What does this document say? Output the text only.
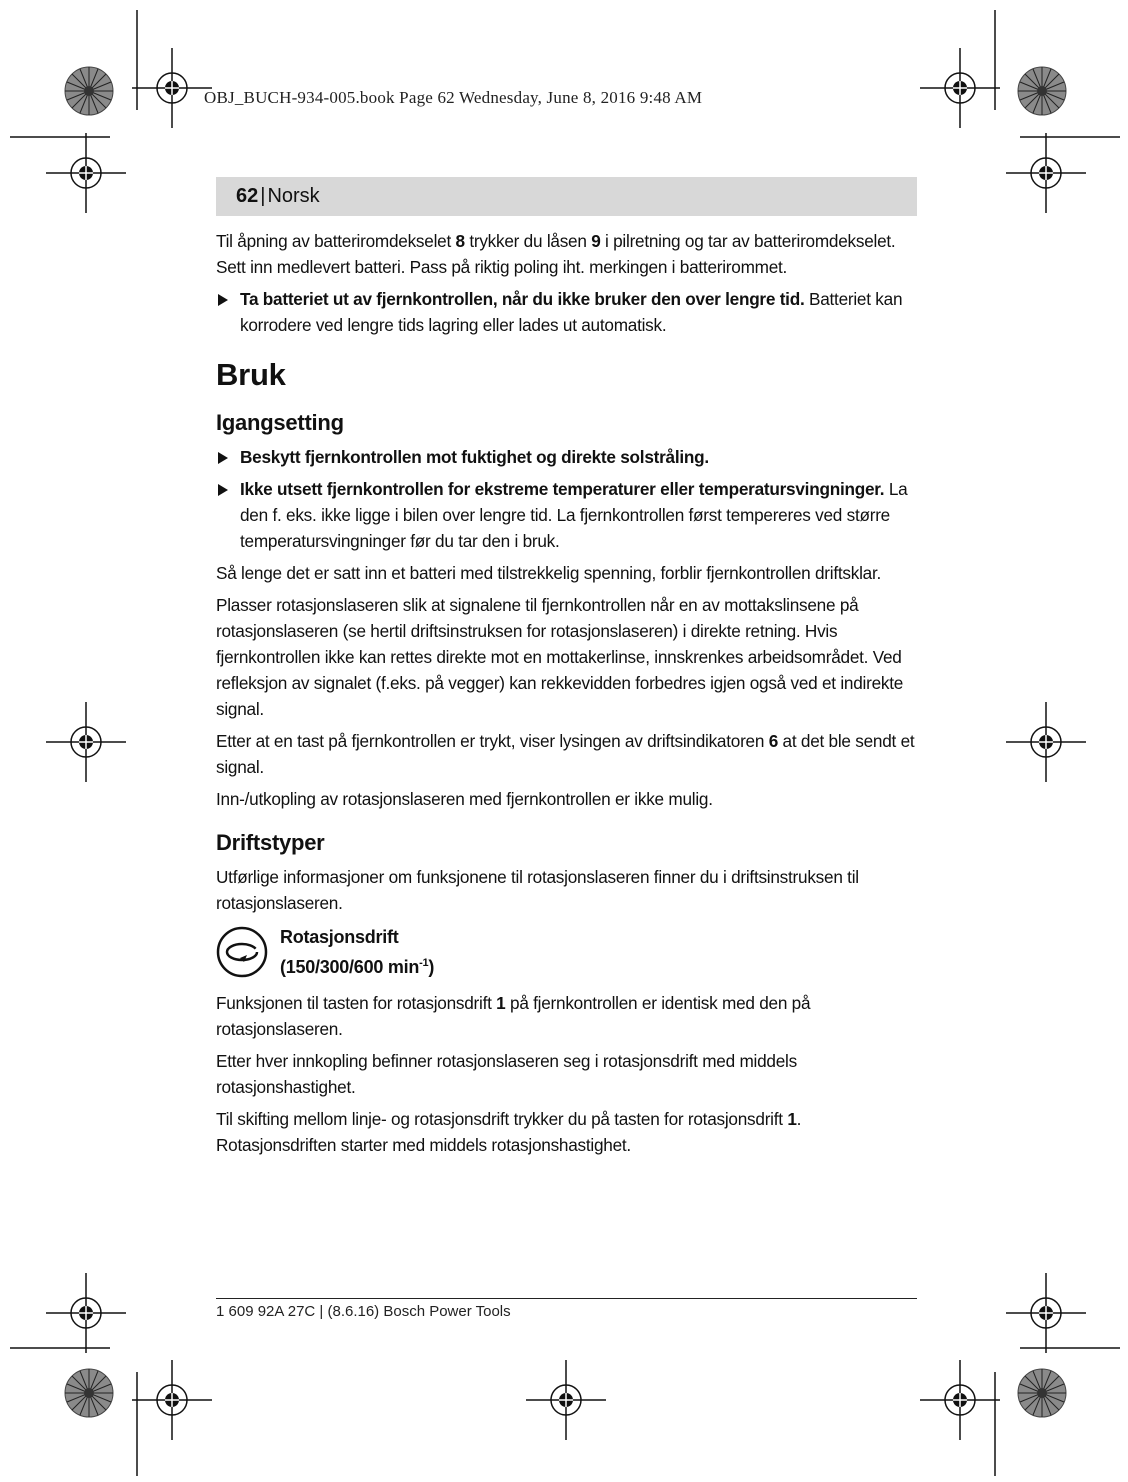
OBJ_BUCH-934-005.book Page 62 Wednesday, June 8, 2016 9:48 AM
62 | Norsk

Til åpning av batteriromdekselet 8 trykker du låsen 9 i pilretning og tar av batteriromdekselet. Sett inn medlevert batteri. Pass på riktig poling iht. merkingen i batterirommet.

Ta batteriet ut av fjernkontrollen, når du ikke bruker den over lengre tid. Batteriet kan korrodere ved lengre tids lagring eller lades ut automatisk.
Bruk
Igangsetting
Beskytt fjernkontrollen mot fuktighet og direkte solstråling.
Ikke utsett fjernkontrollen for ekstreme temperaturer eller temperatursvingninger. La den f. eks. ikke ligge i bilen over lengre tid. La fjernkontrollen først tempereres ved større temperatursvingninger før du tar den i bruk.

Så lenge det er satt inn et batteri med tilstrekkelig spenning, forblir fjernkontrollen driftsklar.

Plasser rotasjonslaseren slik at signalene til fjernkontrollen når en av mottakslinsene på rotasjonslaseren (se hertil driftsinstruksen for rotasjonslaseren) i direkte retning. Hvis fjernkontrollen ikke kan rettes direkte mot en mottakerlinse, innskrenkes arbeidsområdet. Ved refleksjon av signalet (f.eks. på vegger) kan rekkevidden forbedres igjen også ved et indirekte signal.

Etter at en tast på fjernkontrollen er trykt, viser lysingen av driftsindikatoren 6 at det ble sendt et signal.

Inn-/utkopling av rotasjonslaseren med fjernkontrollen er ikke mulig.

Driftstyper

Utførlige informasjoner om funksjonene til rotasjonslaseren finner du i driftsinstruksen til rotasjonslaseren.

Rotasjonsdrift
(150/300/600 $\min^{-1}$)

Funksjonen til tasten for rotasjonsdrift 1 på fjernkontrollen er identisk med den på rotasjonslaseren.

Etter hver innkopling befinner rotasjonslaseren seg i rotasjonsdrift med middels rotasjonshastighet.

Til skifting mellom linje- og rotasjonsdrift trykker du på tasten for rotasjonsdrift 1. Rotasjonsdriften starter med middels rotasjonshastighet.

1 609 92A 27C | (8.6.16) Bosch Power Tools
